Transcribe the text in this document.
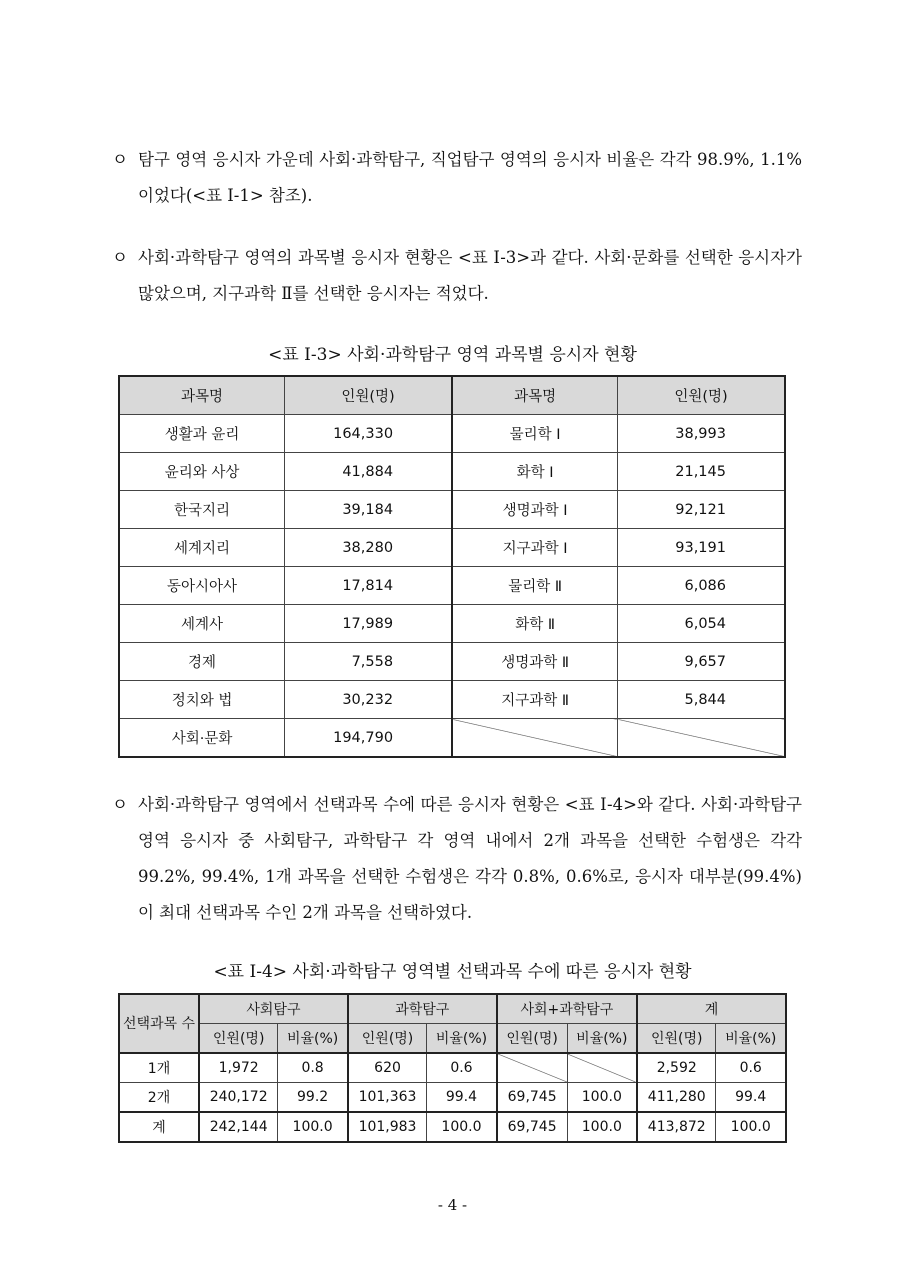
ㅇ 탐구 영역 응시자 가운데 사회·과학탐구, 직업탐구 영역의 응시자 비율은 각각 98.9%, 1.1%이었다(<표 Ⅰ-1> 참조).
ㅇ 사회·과학탐구 영역의 과목별 응시자 현황은 <표 Ⅰ-3>과 같다. 사회·문화를 선택한 응시자가 많았으며, 지구과학 Ⅱ를 선택한 응시자는 적었다.
<표 Ⅰ-3> 사회·과학탐구 영역 과목별 응시자 현황
과목명	인원(명)	과목명	인원(명)
생활과 윤리	164,330	물리학 Ⅰ	38,993
윤리와 사상	41,884	화학 Ⅰ	21,145
한국지리	39,184	생명과학 Ⅰ	92,121
세계지리	38,280	지구과학 Ⅰ	93,191
동아시아사	17,814	물리학 Ⅱ	6,086
세계사	17,989	화학 Ⅱ	6,054
경제	7,558	생명과학 Ⅱ	9,657
정치와 법	30,232	지구과학 Ⅱ	5,844
사회·문화	194,790		
ㅇ 사회·과학탐구 영역에서 선택과목 수에 따른 응시자 현황은 <표 Ⅰ-4>와 같다. 사회·과학탐구 영역 응시자 중 사회탐구, 과학탐구 각 영역 내에서 2개 과목을 선택한 수험생은 각각 99.2%, 99.4%, 1개 과목을 선택한 수험생은 각각 0.8%, 0.6%로, 응시자 대부분(99.4%)이 최대 선택과목 수인 2개 과목을 선택하였다.
<표 Ⅰ-4> 사회·과학탐구 영역별 선택과목 수에 따른 응시자 현황
선택과목 수	사회탐구		과학탐구		사회+과학탐구		계	
	인원(명)	비율(%)	인원(명)	비율(%)	인원(명)	비율(%)	인원(명)	비율(%)
1개	1,972	0.8	620	0.6			2,592	0.6
2개	240,172	99.2	101,363	99.4	69,745	100.0	411,280	99.4
계	242,144	100.0	101,983	100.0	69,745	100.0	413,872	100.0
- 4 -
